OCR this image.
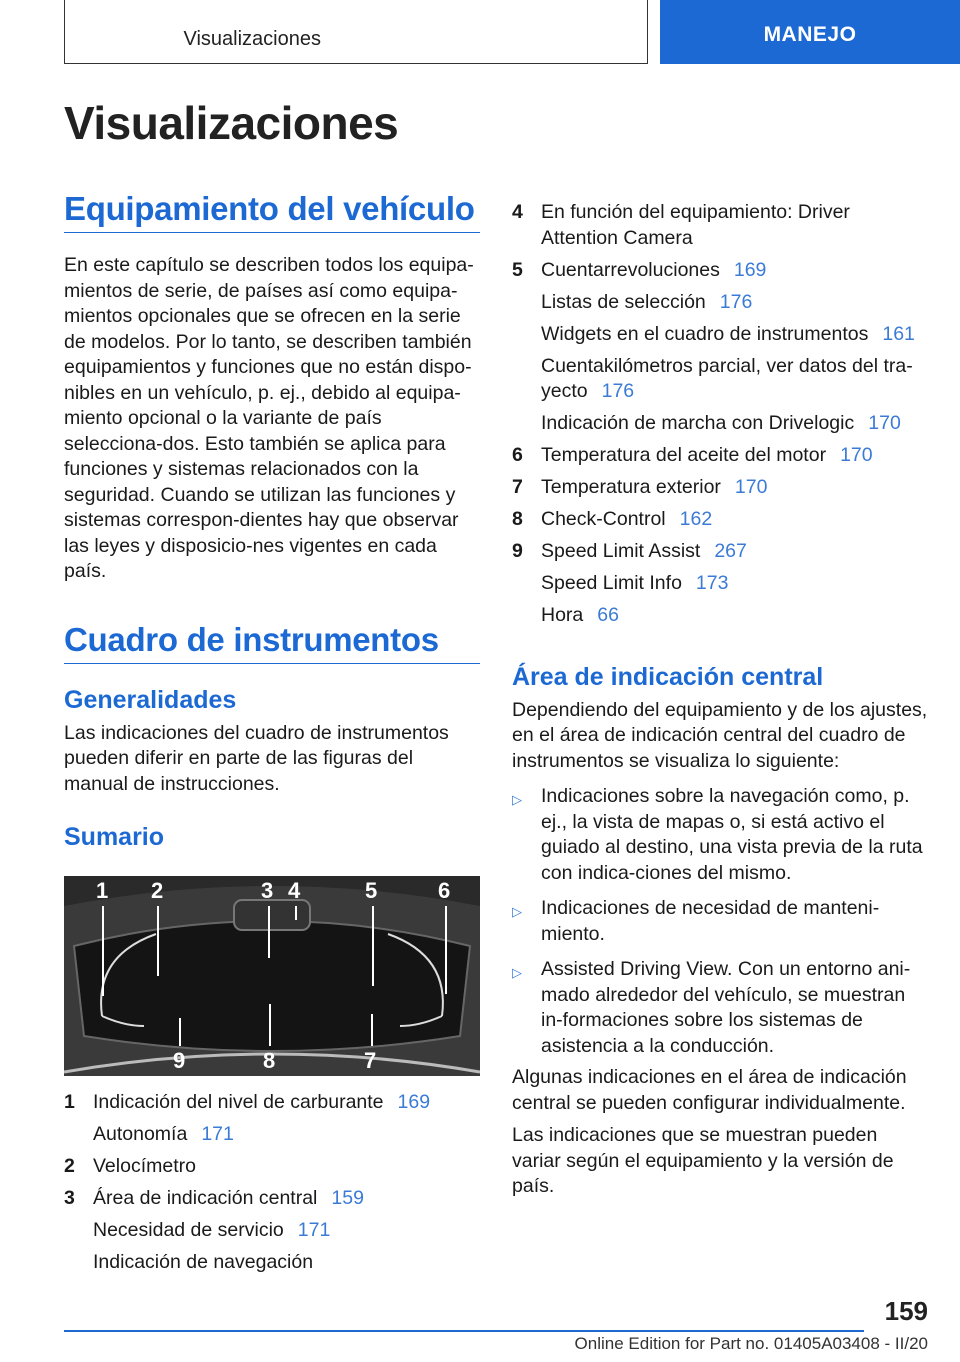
Visualizaciones	MANEJO
Visualizaciones
Equipamiento del vehículo

En este capítulo se describen todos los equipa-mientos de serie, de países así como equipa-mientos opcionales que se ofrecen en la serie de modelos. Por lo tanto, se describen también equipamientos y funciones que no están dispo-nibles en un vehículo, p. ej., debido al equipa-miento opcional o la variante de país selecciona-dos. Esto también se aplica para funciones y sistemas relacionados con la seguridad. Cuando se utilizan las funciones y sistemas correspon-dientes hay que observar las leyes y disposicio-nes vigentes en cada país.

Cuadro de instrumentos
Generalidades

Las indicaciones del cuadro de instrumentos pueden diferir en parte de las figuras del manual de instrucciones.

Sumario
1 2	3 4	5	6
9	8	7
1 Indicación del nivel de carburante 169
Autonomía 171
2 Velocímetro
3 Área de indicación central 159
Necesidad de servicio 171
Indicación de navegación
4 En función del equipamiento: Driver Attention Camera
5 Cuentarrevoluciones 169
Listas de selección 176
Widgets en el cuadro de instrumentos 161
Cuentakilómetros parcial, ver datos del tra-yecto 176
Indicación de marcha con Drivelogic 170
6 Temperatura del aceite del motor 170
7 Temperatura exterior 170
8 Check-Control 162
9 Speed Limit Assist 267
Speed Limit Info 173
Hora 66
Área de indicación central

Dependiendo del equipamiento y de los ajustes, en el área de indicación central del cuadro de instrumentos se visualiza lo siguiente:

▷ Indicaciones sobre la navegación como, p. ej., la vista de mapas o, si está activo el guiado al destino, una vista previa de la ruta con indica-ciones del mismo.
▷ Indicaciones de necesidad de manteni-miento.
▷ Assisted Driving View. Con un entorno ani-mado alrededor del vehículo, se muestran in-formaciones sobre los sistemas de asistencia a la conducción.

Algunas indicaciones en el área de indicación central se pueden configurar individualmente.

Las indicaciones que se muestran pueden variar según el equipamiento y la versión de país.

159
Online Edition for Part no. 01405A03408 - II/20
